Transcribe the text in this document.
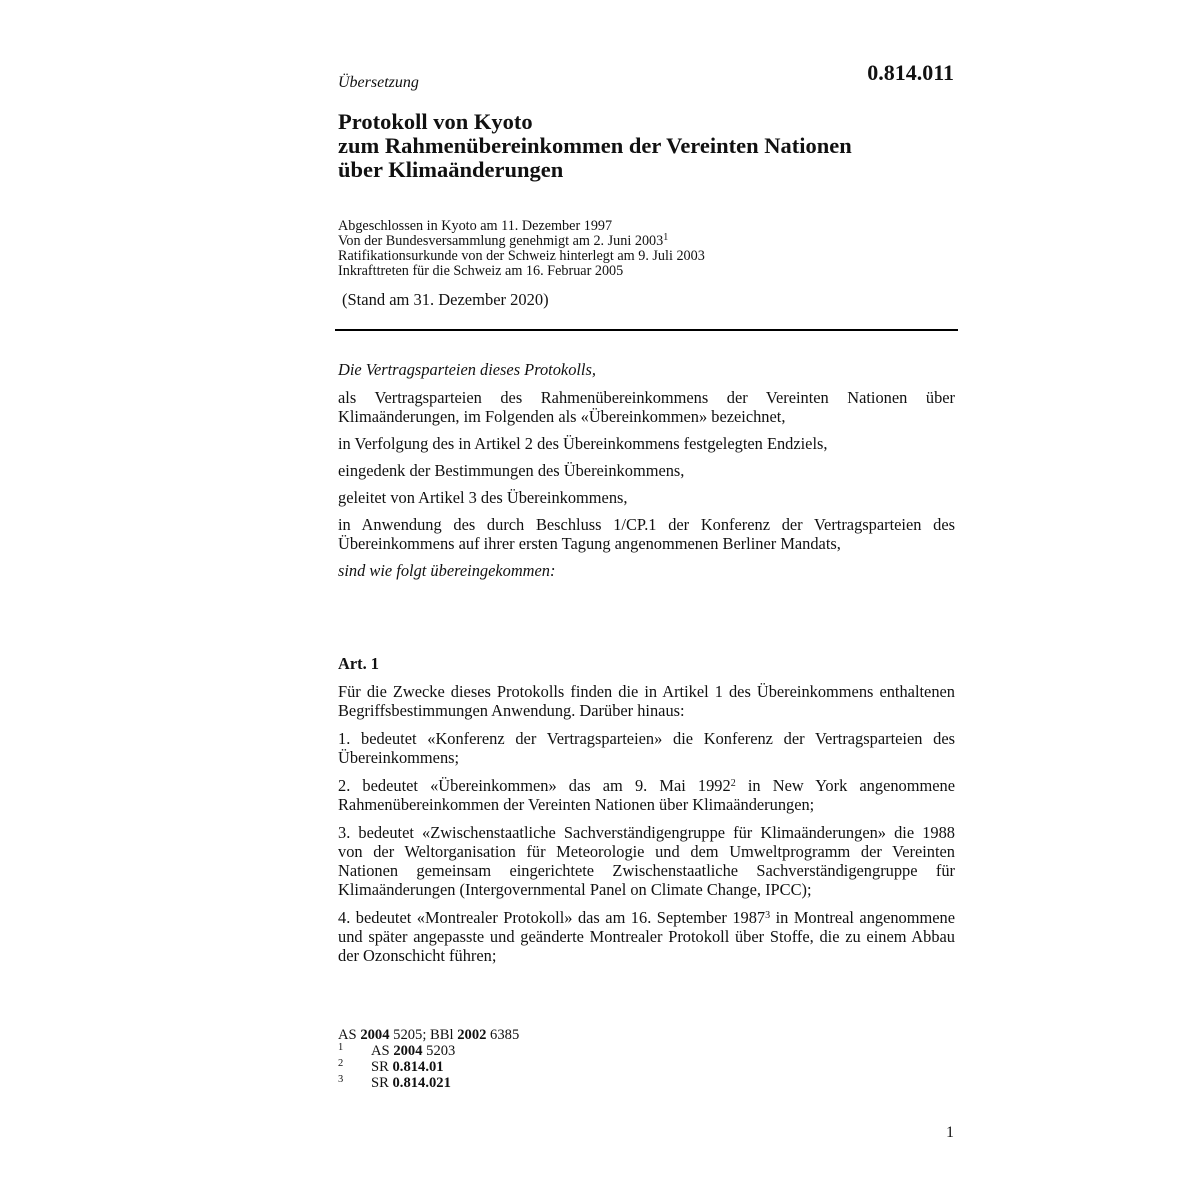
Übersetzung	0.814.011
Protokoll von Kyoto
zum Rahmenübereinkommen der Vereinten Nationen
über Klimaänderungen
Abgeschlossen in Kyoto am 11. Dezember 1997
Von der Bundesversammlung genehmigt am 2. Juni 2003$^1$
Ratifikationsurkunde von der Schweiz hinterlegt am 9. Juli 2003
Inkrafttreten für die Schweiz am 16. Februar 2005
(Stand am 31. Dezember 2020)
Die Vertragsparteien dieses Protokolls,
als Vertragsparteien des Rahmenübereinkommens der Vereinten Nationen über Klimaänderungen, im Folgenden als «Übereinkommen» bezeichnet,
in Verfolgung des in Artikel 2 des Übereinkommens festgelegten Endziels,
eingedenk der Bestimmungen des Übereinkommens,
geleitet von Artikel 3 des Übereinkommens,
in Anwendung des durch Beschluss 1/CP.1 der Konferenz der Vertragsparteien des Übereinkommens auf ihrer ersten Tagung angenommenen Berliner Mandats,
sind wie folgt übereingekommen:
Art. 1
Für die Zwecke dieses Protokolls finden die in Artikel 1 des Übereinkommens enthaltenen Begriffsbestimmungen Anwendung. Darüber hinaus:
1. bedeutet «Konferenz der Vertragsparteien» die Konferenz der Vertragsparteien des Übereinkommens;
2. bedeutet «Übereinkommen» das am 9. Mai 1992$^2$ in New York angenommene Rahmenübereinkommen der Vereinten Nationen über Klimaänderungen;
3. bedeutet «Zwischenstaatliche Sachverständigengruppe für Klimaänderungen» die 1988 von der Weltorganisation für Meteorologie und dem Umweltprogramm der Vereinten Nationen gemeinsam eingerichtete Zwischenstaatliche Sachverständigengruppe für Klimaänderungen (Intergovernmental Panel on Climate Change, IPCC);
4. bedeutet «Montrealer Protokoll» das am 16. September 1987$^3$ in Montreal angenommene und später angepasste und geänderte Montrealer Protokoll über Stoffe, die zu einem Abbau der Ozonschicht führen;
AS 2004 5205; BBl 2002 6385
1	AS 2004 5203
2	SR 0.814.01
3	SR 0.814.021
1
